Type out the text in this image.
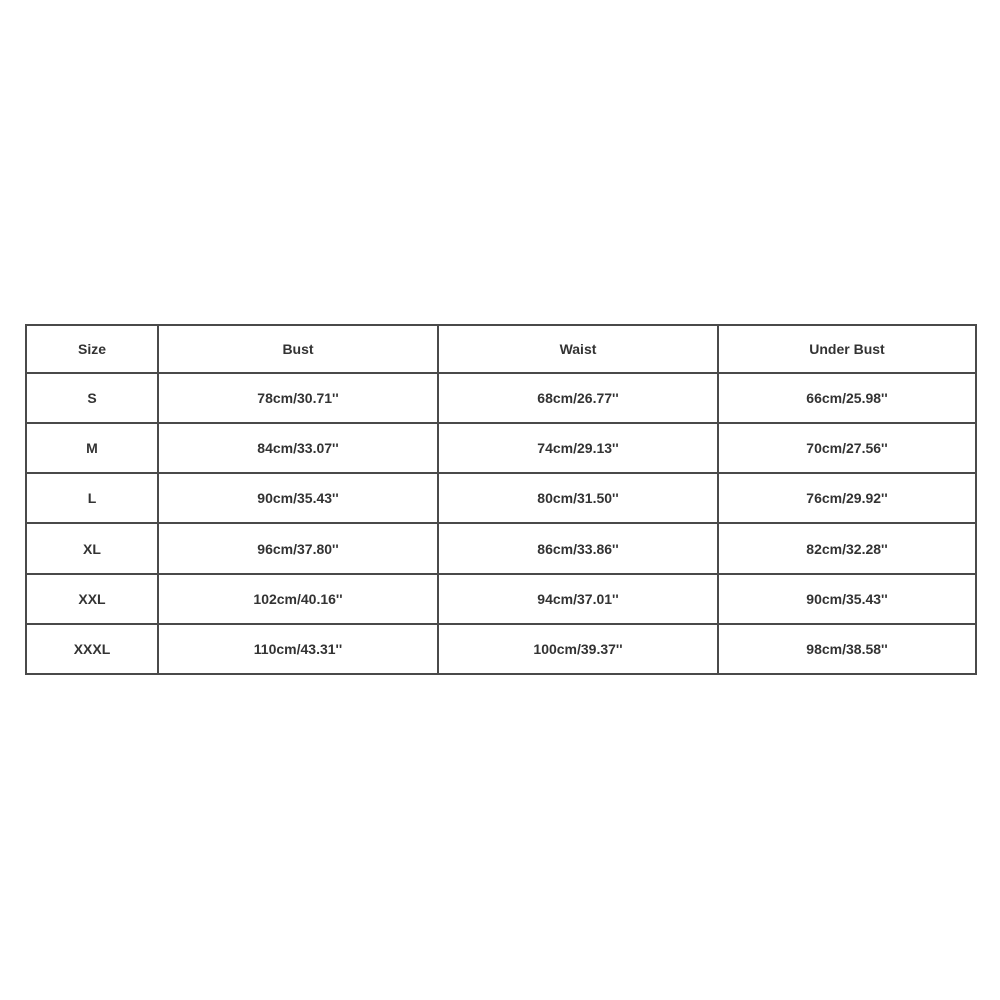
Size	Bust	Waist	Under Bust
S	78cm/30.71''	68cm/26.77''	66cm/25.98''
M	84cm/33.07''	74cm/29.13''	70cm/27.56''
L	90cm/35.43''	80cm/31.50''	76cm/29.92''
XL	96cm/37.80''	86cm/33.86''	82cm/32.28''
XXL	102cm/40.16''	94cm/37.01''	90cm/35.43''
XXXL	110cm/43.31''	100cm/39.37''	98cm/38.58''
